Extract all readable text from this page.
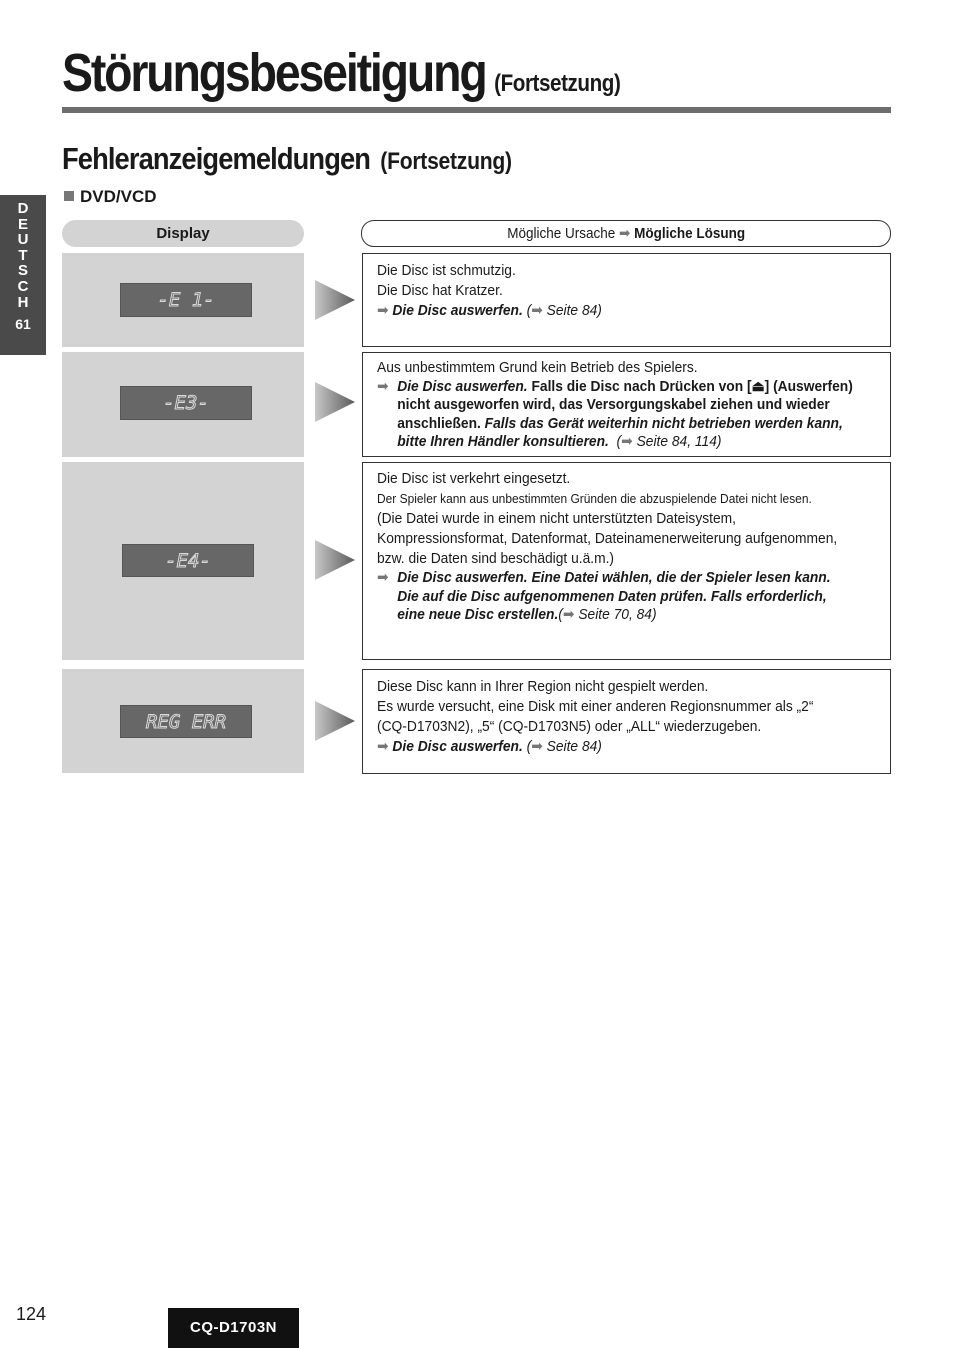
Störungsbeseitigung (Fortsetzung)
Fehleranzeigemeldungen (Fortsetzung)
DVD/VCD
D
E
U
T
S
C
H
61
Display	Mögliche Ursache ➡ Mögliche Lösung
-E 1-
Die Disc ist schmutzig.
Die Disc hat Kratzer.
➡ Die Disc auswerfen. (➡ Seite 84)
-E3-
Aus unbestimmtem Grund kein Betrieb des Spielers.
➡ Die Disc auswerfen. Falls die Disc nach Drücken von [⏏] (Auswerfen)
nicht ausgeworfen wird, das Versorgungskabel ziehen und wieder
anschließen. Falls das Gerät weiterhin nicht betrieben werden kann,
bitte Ihren Händler konsultieren. (➡ Seite 84, 114)
-E4-
Die Disc ist verkehrt eingesetzt.
Der Spieler kann aus unbestimmten Gründen die abzuspielende Datei nicht lesen.
(Die Datei wurde in einem nicht unterstützten Dateisystem,
Kompressionsformat, Datenformat, Dateinamenerweiterung aufgenommen,
bzw. die Daten sind beschädigt u.ä.m.)
➡ Die Disc auswerfen. Eine Datei wählen, die der Spieler lesen kann.
Die auf die Disc aufgenommenen Daten prüfen. Falls erforderlich,
eine neue Disc erstellen.(➡ Seite 70, 84)
REG ERR
Diese Disc kann in Ihrer Region nicht gespielt werden.
Es wurde versucht, eine Disk mit einer anderen Regionsnummer als „2“
(CQ-D1703N2), „5“ (CQ-D1703N5) oder „ALL“ wiederzugeben.
➡ Die Disc auswerfen. (➡ Seite 84)
124
CQ-D1703N
